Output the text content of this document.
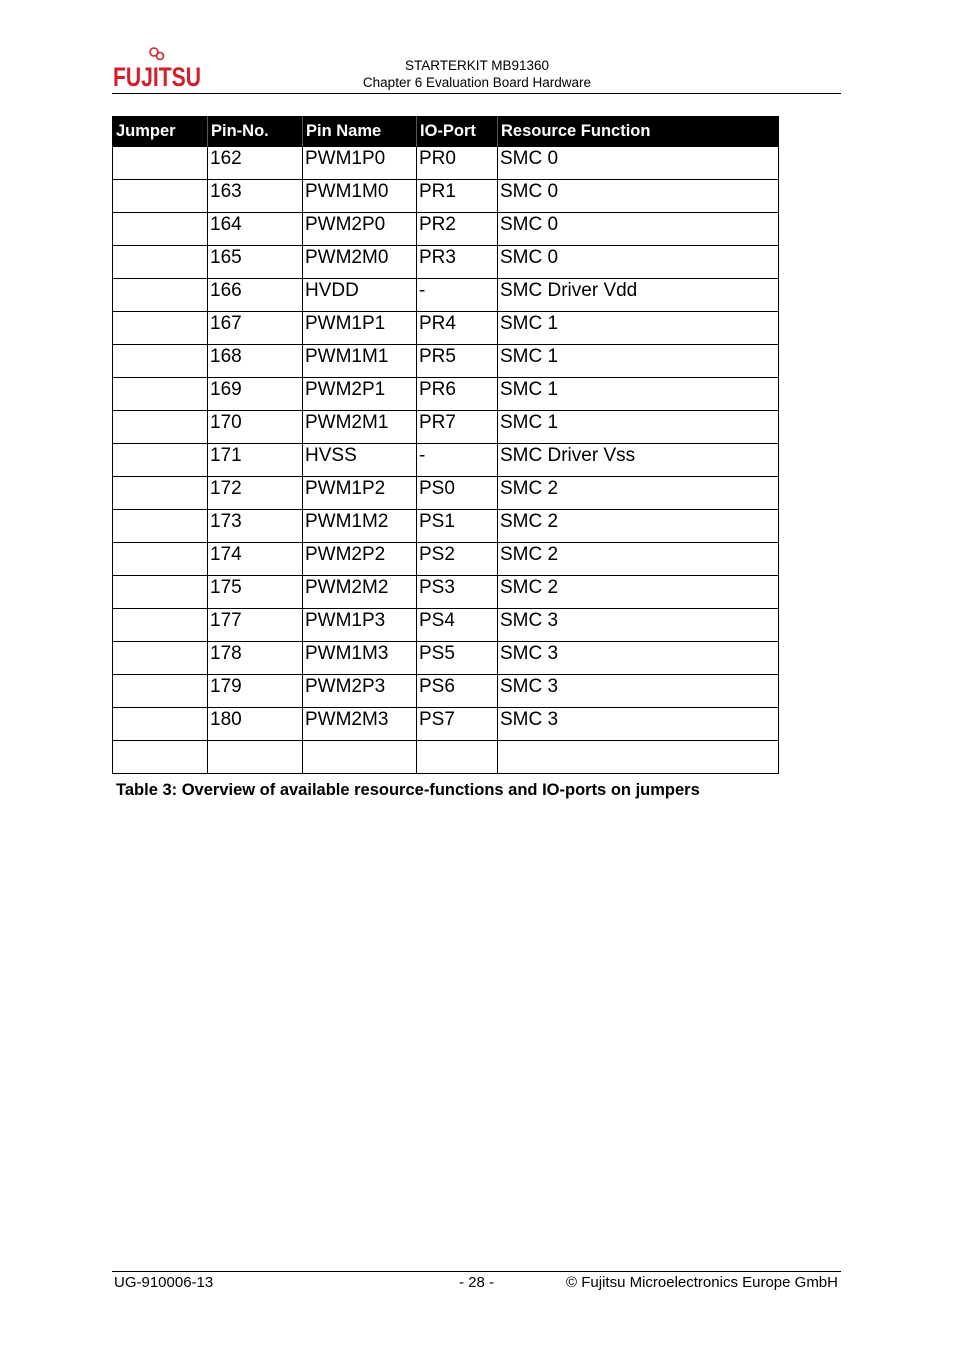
FUJITSU	STARTERKIT MB91360
Chapter 6 Evaluation Board Hardware
Jumper	Pin-No.	Pin Name	IO-Port	Resource Function
	162	PWM1P0	PR0	SMC 0
	163	PWM1M0	PR1	SMC 0
	164	PWM2P0	PR2	SMC 0
	165	PWM2M0	PR3	SMC 0
	166	HVDD	-	SMC Driver Vdd
	167	PWM1P1	PR4	SMC 1
	168	PWM1M1	PR5	SMC 1
	169	PWM2P1	PR6	SMC 1
	170	PWM2M1	PR7	SMC 1
	171	HVSS	-	SMC Driver Vss
	172	PWM1P2	PS0	SMC 2
	173	PWM1M2	PS1	SMC 2
	174	PWM2P2	PS2	SMC 2
	175	PWM2M2	PS3	SMC 2
	177	PWM1P3	PS4	SMC 3
	178	PWM1M3	PS5	SMC 3
	179	PWM2P3	PS6	SMC 3
	180	PWM2M3	PS7	SMC 3

Table 3: Overview of available resource-functions and IO-ports on jumpers
UG-910006-13	- 28 -	© Fujitsu Microelectronics Europe GmbH
